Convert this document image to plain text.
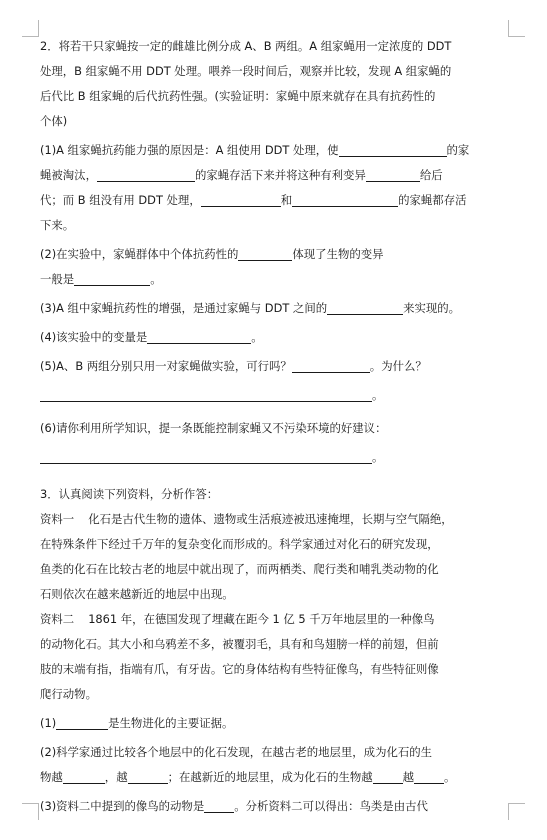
2．将若干只家蝇按一定的雌雄比例分成 A、B 两组。A 组家蝇用一定浓度的 DDT

处理，B 组家蝇不用 DDT 处理。喂养一段时间后，观察并比较，发现 A 组家蝇的

后代比 B 组家蝇的后代抗药性强。(实验证明：家蝇中原来就存在具有抗药性的

个体)

(1)A 组家蝇抗药能力强的原因是：A 组使用 DDT 处理，使	的家

蝇被淘汰，	的家蝇存活下来并将这种有利变异	给后

代；而 B 组没有用 DDT 处理，	和	的家蝇都存活

下来。

(2)在实验中，家蝇群体中个体抗药性的	体现了生物的变异

一般是	。

(3)A 组中家蝇抗药性的增强，是通过家蝇与 DDT 之间的	来实现的。

(4)该实验中的变量是	。

(5)A、B 两组分别只用一对家蝇做实验，可行吗？	。为什么？

。

(6)请你利用所学知识，提一条既能控制家蝇又不污染环境的好建议：

。

3．认真阅读下列资料，分析作答：

资料一 化石是古代生物的遗体、遗物或生活痕迹被迅速掩埋，长期与空气隔绝，

在特殊条件下经过千万年的复杂变化而形成的。科学家通过对化石的研究发现，

鱼类的化石在比较古老的地层中就出现了，而两栖类、爬行类和哺乳类动物的化

石则依次在越来越新近的地层中出现。

资料二 1861 年，在德国发现了埋藏在距今 1 亿 5 千万年地层里的一种像鸟

的动物化石。其大小和乌鸦差不多，被覆羽毛，具有和鸟翅膀一样的前翅，但前

肢的末端有指，指端有爪，有牙齿。它的身体结构有些特征像鸟，有些特征则像

爬行动物。

(1)	是生物进化的主要证据。

(2)科学家通过比较各个地层中的化石发现，在越古老的地层里，成为化石的生

物越	，越	；在越新近的地层里，成为化石的生物越	越	。

(3)资料二中提到的像鸟的动物是	。分析资料二可以得出：鸟类是由古代
